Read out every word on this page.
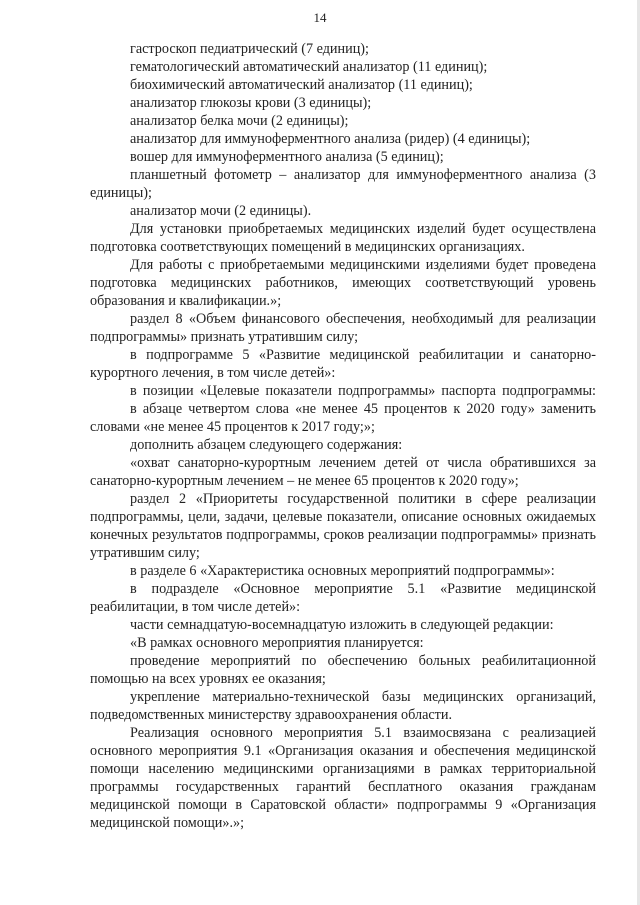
14

гастроскоп педиатрический (7 единиц);

гематологический автоматический анализатор (11 единиц);

биохимический автоматический анализатор (11 единиц);

анализатор глюкозы крови (3 единицы);

анализатор белка мочи (2 единицы);

анализатор для иммуноферментного анализа (ридер) (4 единицы);

вошер для иммуноферментного анализа (5 единиц);

планшетный фотометр – анализатор для иммуноферментного анализа (3 единицы);

анализатор мочи (2 единицы).

Для установки приобретаемых медицинских изделий будет осуществлена подготовка соответствующих помещений в медицинских организациях.

Для работы с приобретаемыми медицинскими изделиями будет проведена подготовка медицинских работников, имеющих соответствующий уровень образования и квалификации.»;

раздел 8 «Объем финансового обеспечения, необходимый для реализации подпрограммы» признать утратившим силу;

в подпрограмме 5 «Развитие медицинской реабилитации и санаторно-курортного лечения, в том числе детей»:

в позиции «Целевые показатели подпрограммы» паспорта подпрограммы:

в абзаце четвертом слова «не менее 45 процентов к 2020 году» заменить словами «не менее 45 процентов к 2017 году;»;

дополнить абзацем следующего содержания:

«охват санаторно-курортным лечением детей от числа обратившихся за санаторно-курортным лечением – не менее 65 процентов к 2020 году»;

раздел 2 «Приоритеты государственной политики в сфере реализации подпрограммы, цели, задачи, целевые показатели, описание основных ожидаемых конечных результатов подпрограммы, сроков реализации подпрограммы» признать утратившим силу;

в разделе 6 «Характеристика основных мероприятий подпрограммы»:

в подразделе «Основное мероприятие 5.1 «Развитие медицинской реабилитации, в том числе детей»:

части семнадцатую-восемнадцатую изложить в следующей редакции:

«В рамках основного мероприятия планируется:

проведение мероприятий по обеспечению больных реабилитационной помощью на всех уровнях ее оказания;

укрепление материально-технической базы медицинских организаций, подведомственных министерству здравоохранения области.

Реализация основного мероприятия 5.1 взаимосвязана с реализацией основного мероприятия 9.1 «Организация оказания и обеспечения медицинской помощи населению медицинскими организациями в рамках территориальной программы государственных гарантий бесплатного оказания гражданам медицинской помощи в Саратовской области» подпрограммы 9 «Организация медицинской помощи».»;
